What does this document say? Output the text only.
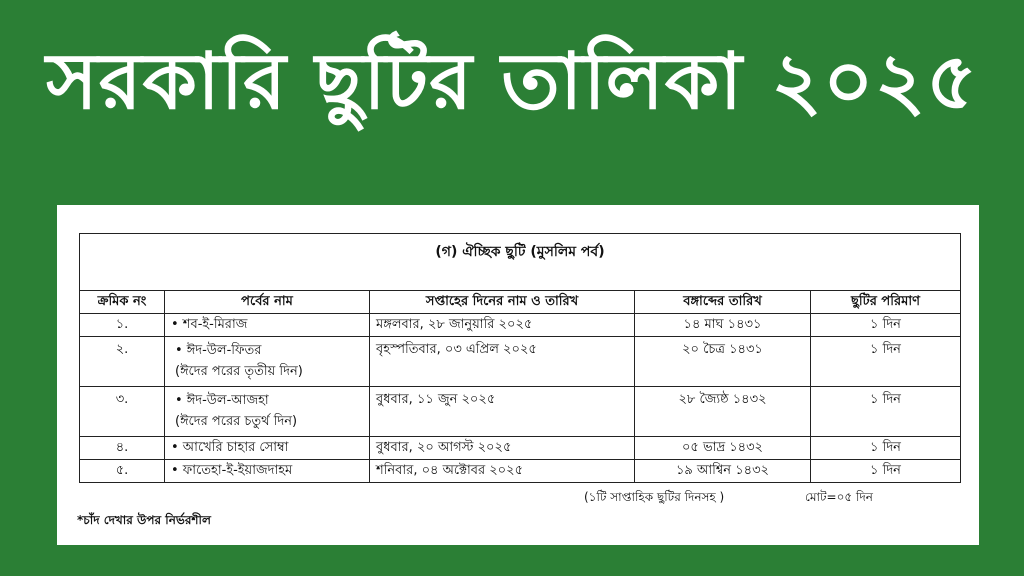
সরকারি ছুটির তালিকা ২০২৫
(গ) ঐচ্ছিক ছুটি (মুসলিম পর্ব)				
ক্রমিক নং	পর্বের নাম	সপ্তাহের দিনের নাম ও তারিখ	বঙ্গাব্দের তারিখ	ছুটির পরিমাণ
১.	• শব-ই-মিরাজ	মঙ্গলবার, ২৮ জানুয়ারি ২০২৫	১৪ মাঘ ১৪৩১	১ দিন
২.	• ঈদ-উল-ফিতর
(ঈদের পরের তৃতীয় দিন)	বৃহস্পতিবার, ০৩ এপ্রিল ২০২৫	২০ চৈত্র ১৪৩১	১ দিন
৩.	• ঈদ-উল-আজহা
(ঈদের পরের চতুর্থ দিন)	বুধবার, ১১ জুন ২০২৫	২৮ জ্যৈষ্ঠ ১৪৩২	১ দিন
৪.	• আখেরি চাহার সোম্বা	বুধবার, ২০ আগস্ট ২০২৫	০৫ ভাদ্র ১৪৩২	১ দিন
৫.	• ফাতেহা-ই-ইয়াজদাহম	শনিবার, ০৪ অক্টোবর ২০২৫	১৯ আশ্বিন ১৪৩২	১ দিন
(১টি সাপ্তাহিক ছুটির দিনসহ )	মোট=০৫ দিন
*চাঁদ দেখার উপর নির্ভরশীল
